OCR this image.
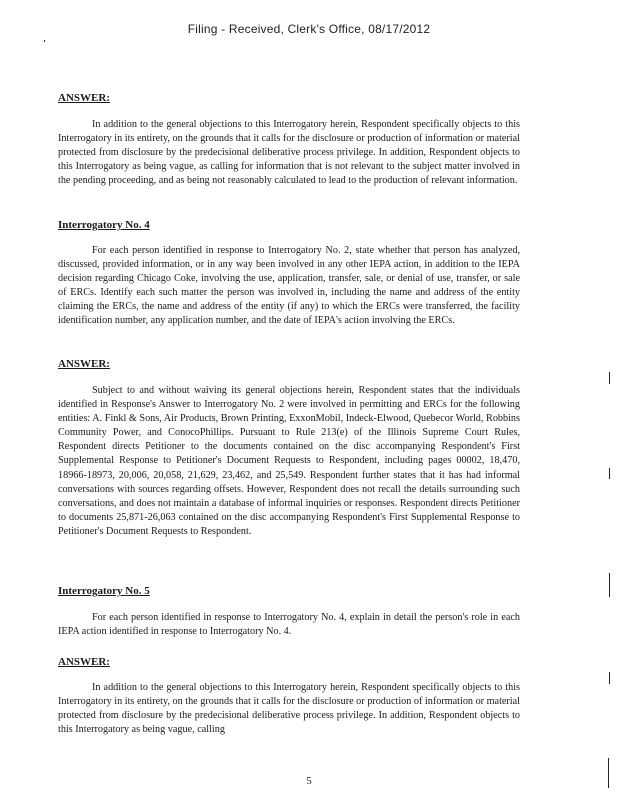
Filing - Received, Clerk's Office, 08/17/2012
ANSWER:

In addition to the general objections to this Interrogatory herein, Respondent specifically objects to this Interrogatory in its entirety, on the grounds that it calls for the disclosure or production of information or material protected from disclosure by the predecisional deliberative process privilege. In addition, Respondent objects to this Interrogatory as being vague, as calling for information that is not relevant to the subject matter involved in the pending proceeding, and as being not reasonably calculated to lead to the production of relevant information.

Interrogatory No. 4

For each person identified in response to Interrogatory No. 2, state whether that person has analyzed, discussed, provided information, or in any way been involved in any other IEPA action, in addition to the IEPA decision regarding Chicago Coke, involving the use, application, transfer, sale, or denial of use, transfer, or sale of ERCs. Identify each such matter the person was involved in, including the name and address of the entity claiming the ERCs, the name and address of the entity (if any) to which the ERCs were transferred, the facility identification number, any application number, and the date of IEPA's action involving the ERCs.

ANSWER:

Subject to and without waiving its general objections herein, Respondent states that the individuals identified in Response's Answer to Interrogatory No. 2 were involved in permitting and ERCs for the following entities: A. Finkl & Sons, Air Products, Brown Printing, ExxonMobil, Indeck-Elwood, Quebecor World, Robbins Community Power, and ConocoPhillips. Pursuant to Rule 213(e) of the Illinois Supreme Court Rules, Respondent directs Petitioner to the documents contained on the disc accompanying Respondent's First Supplemental Response to Petitioner's Document Requests to Respondent, including pages 00002, 18,470, 18966-18973, 20,006, 20,058, 21,629, 23,462, and 25,549. Respondent further states that it has had informal conversations with sources regarding offsets. However, Respondent does not recall the details surrounding such conversations, and does not maintain a database of informal inquiries or responses. Respondent directs Petitioner to documents 25,871-26,063 contained on the disc accompanying Respondent's First Supplemental Response to Petitioner's Document Requests to Respondent.

Interrogatory No. 5

For each person identified in response to Interrogatory No. 4, explain in detail the person's role in each IEPA action identified in response to Interrogatory No. 4.

ANSWER:

In addition to the general objections to this Interrogatory herein, Respondent specifically objects to this Interrogatory in its entirety, on the grounds that it calls for the disclosure or production of information or material protected from disclosure by the predecisional deliberative process privilege. In addition, Respondent objects to this Interrogatory as being vague, calling

5
